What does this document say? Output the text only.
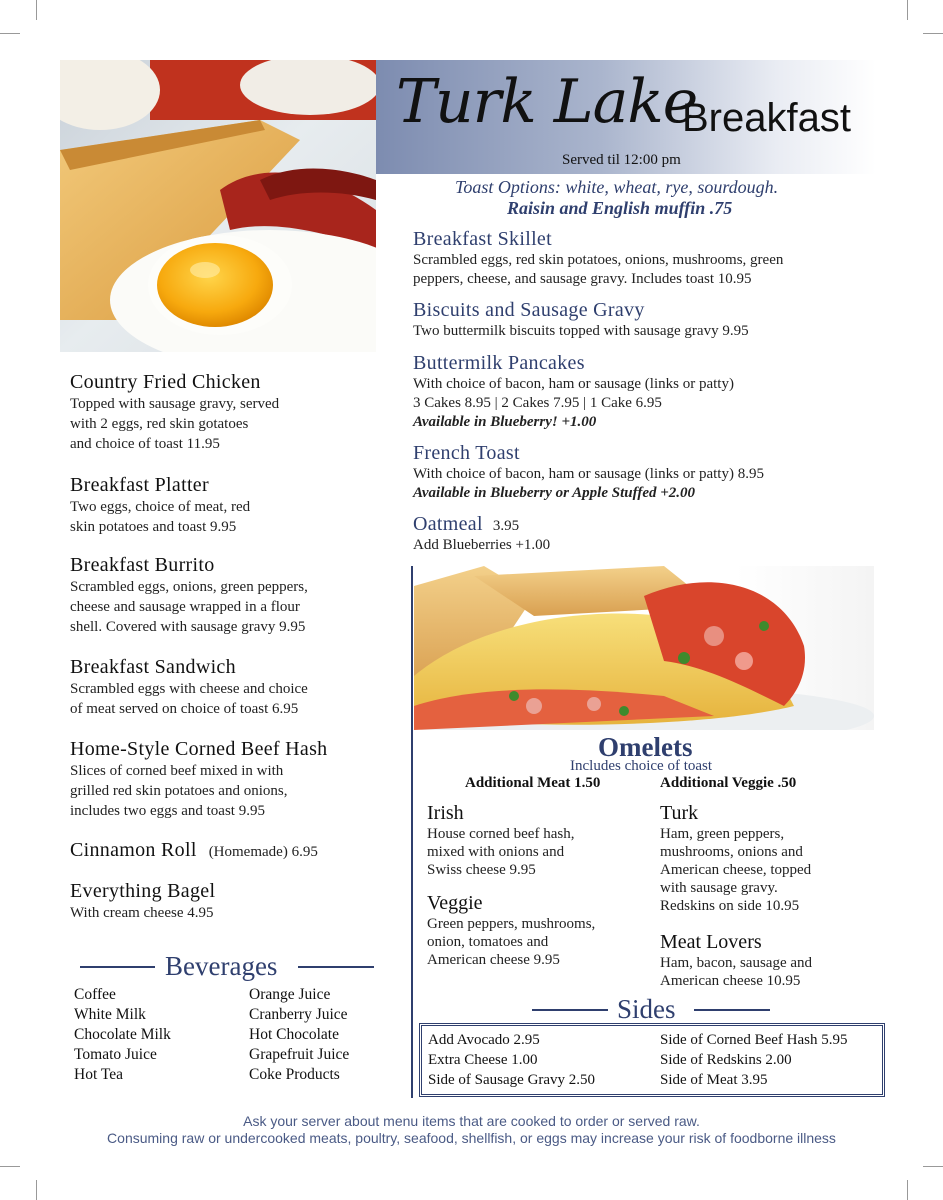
Turk Lake
Breakfast
Served til 12:00 pm
Toast Options: white, wheat, rye, sourdough.
Raisin and English muffin .75
Country Fried Chicken
Topped with sausage gravy, served
with 2 eggs, red skin gotatoes
and choice of toast 11.95
Breakfast Platter
Two eggs, choice of meat, red
skin potatoes and toast 9.95
Breakfast Burrito
Scrambled eggs, onions, green peppers,
cheese and sausage wrapped in a flour
shell. Covered with sausage gravy 9.95
Breakfast Sandwich
Scrambled eggs with cheese and choice
of meat served on choice of toast 6.95
Home-Style Corned Beef Hash
Slices of corned beef mixed in with
grilled red skin potatoes and onions,
includes two eggs and toast 9.95
Cinnamon Roll (Homemade) 6.95
Everything Bagel
With cream cheese 4.95
Beverages
Coffee
White Milk
Chocolate Milk
Tomato Juice
Hot Tea
Orange Juice
Cranberry Juice
Hot Chocolate
Grapefruit Juice
Coke Products
Breakfast Skillet
Scrambled eggs, red skin potatoes, onions, mushrooms, green
peppers, cheese, and sausage gravy. Includes toast 10.95
Biscuits and Sausage Gravy
Two buttermilk biscuits topped with sausage gravy 9.95
Buttermilk Pancakes
With choice of bacon, ham or sausage (links or patty)
3 Cakes 8.95 | 2 Cakes 7.95 | 1 Cake 6.95
Available in Blueberry! +1.00
French Toast
With choice of bacon, ham or sausage (links or patty) 8.95
Available in Blueberry or Apple Stuffed +2.00
Oatmeal 3.95
Add Blueberries +1.00
Omelets
Includes choice of toast
Additional Meat 1.50	Additional Veggie .50
Irish
House corned beef hash,
mixed with onions and
Swiss cheese 9.95
Veggie
Green peppers, mushrooms,
onion, tomatoes and
American cheese 9.95
Turk
Ham, green peppers,
mushrooms, onions and
American cheese, topped
with sausage gravy.
Redskins on side 10.95
Meat Lovers
Ham, bacon, sausage and
American cheese 10.95
Sides
Add Avocado 2.95
Extra Cheese 1.00
Side of Sausage Gravy 2.50
Side of Corned Beef Hash 5.95
Side of Redskins 2.00
Side of Meat 3.95
Ask your server about menu items that are cooked to order or served raw.
Consuming raw or undercooked meats, poultry, seafood, shellfish, or eggs may increase your risk of foodborne illness
